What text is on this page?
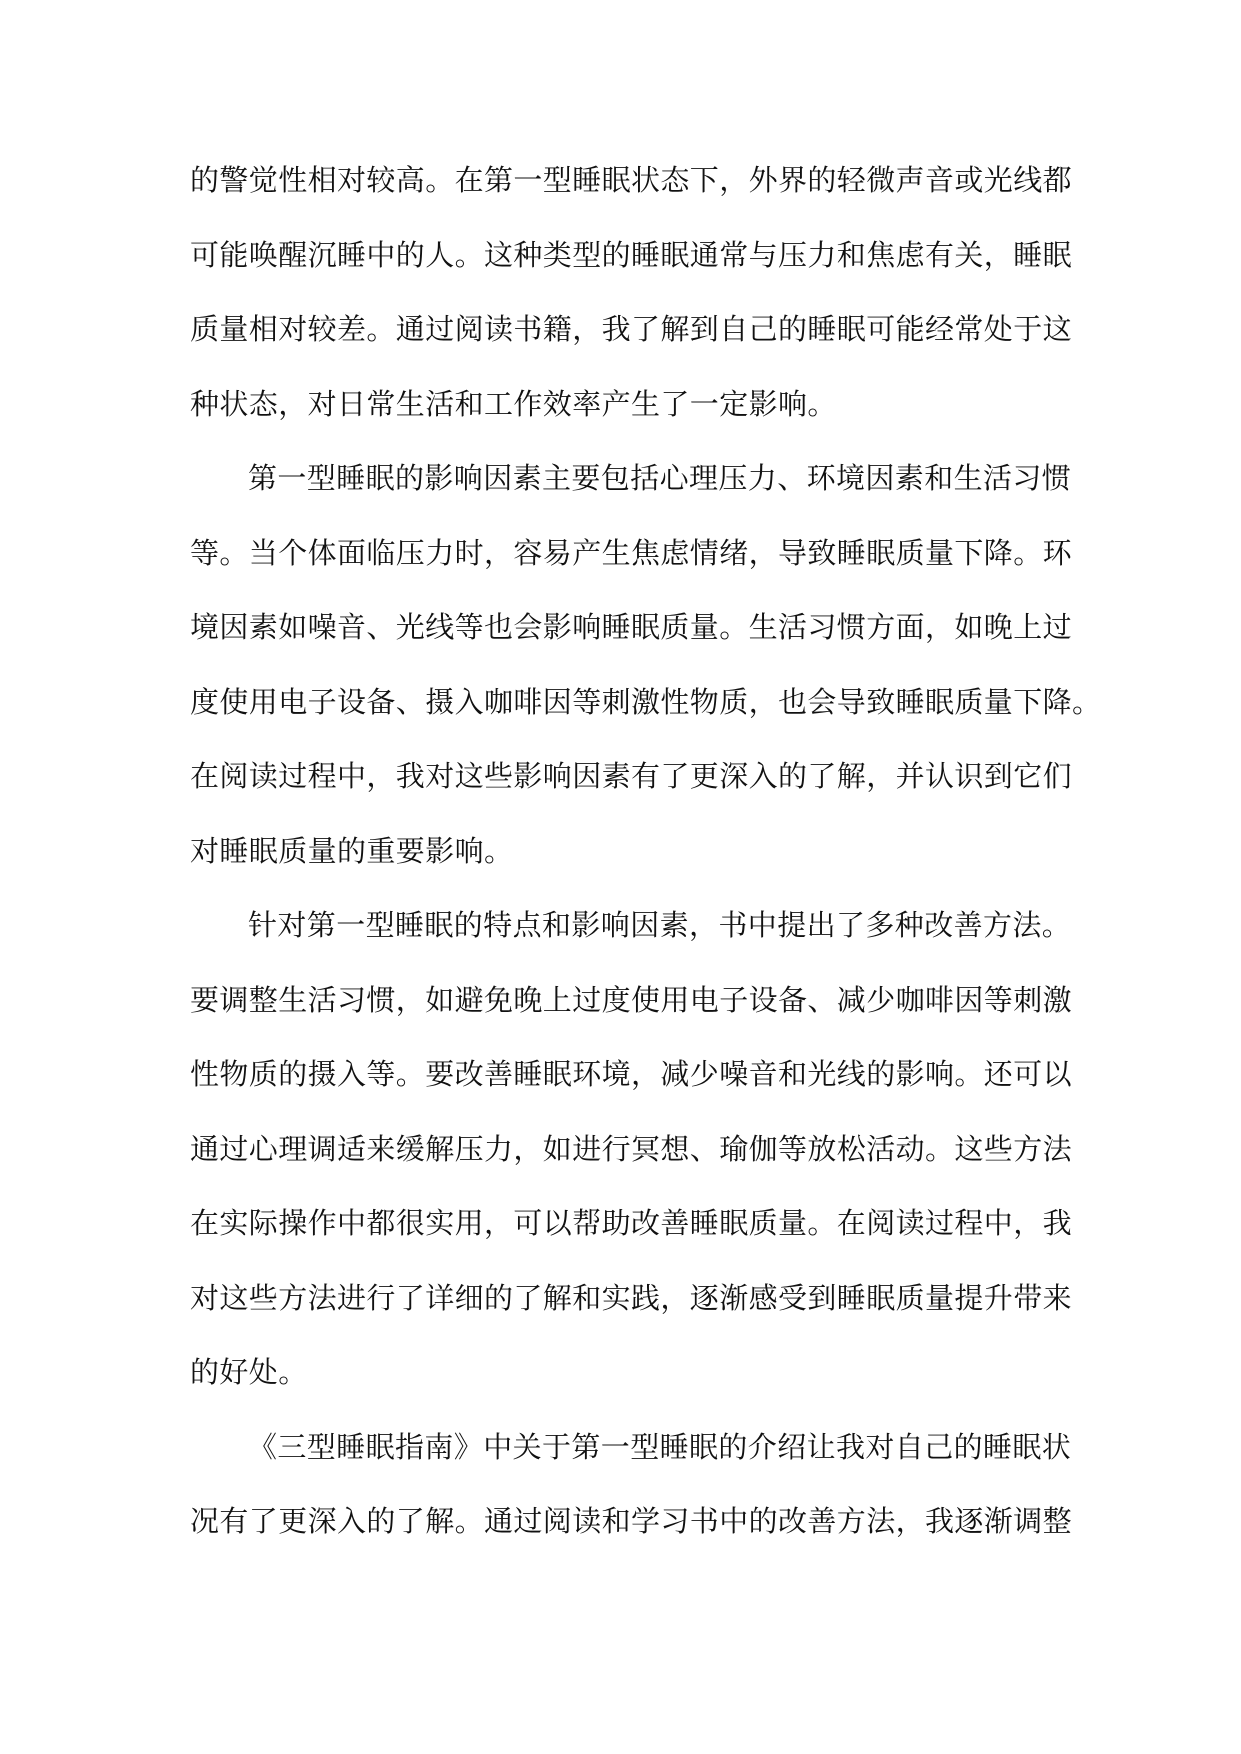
的警觉性相对较高。在第一型睡眠状态下，外界的轻微声音或光线都
可能唤醒沉睡中的人。这种类型的睡眠通常与压力和焦虑有关，睡眠
质量相对较差。通过阅读书籍，我了解到自己的睡眠可能经常处于这
种状态，对日常生活和工作效率产生了一定影响。
第一型睡眠的影响因素主要包括心理压力、环境因素和生活习惯
等。当个体面临压力时，容易产生焦虑情绪，导致睡眠质量下降。环
境因素如噪音、光线等也会影响睡眠质量。生活习惯方面，如晚上过
度使用电子设备、摄入咖啡因等刺激性物质，也会导致睡眠质量下降。
在阅读过程中，我对这些影响因素有了更深入的了解，并认识到它们
对睡眠质量的重要影响。
针对第一型睡眠的特点和影响因素，书中提出了多种改善方法。
要调整生活习惯，如避免晚上过度使用电子设备、减少咖啡因等刺激
性物质的摄入等。要改善睡眠环境，减少噪音和光线的影响。还可以
通过心理调适来缓解压力，如进行冥想、瑜伽等放松活动。这些方法
在实际操作中都很实用，可以帮助改善睡眠质量。在阅读过程中，我
对这些方法进行了详细的了解和实践，逐渐感受到睡眠质量提升带来
的好处。
《三型睡眠指南》中关于第一型睡眠的介绍让我对自己的睡眠状
况有了更深入的了解。通过阅读和学习书中的改善方法，我逐渐调整
